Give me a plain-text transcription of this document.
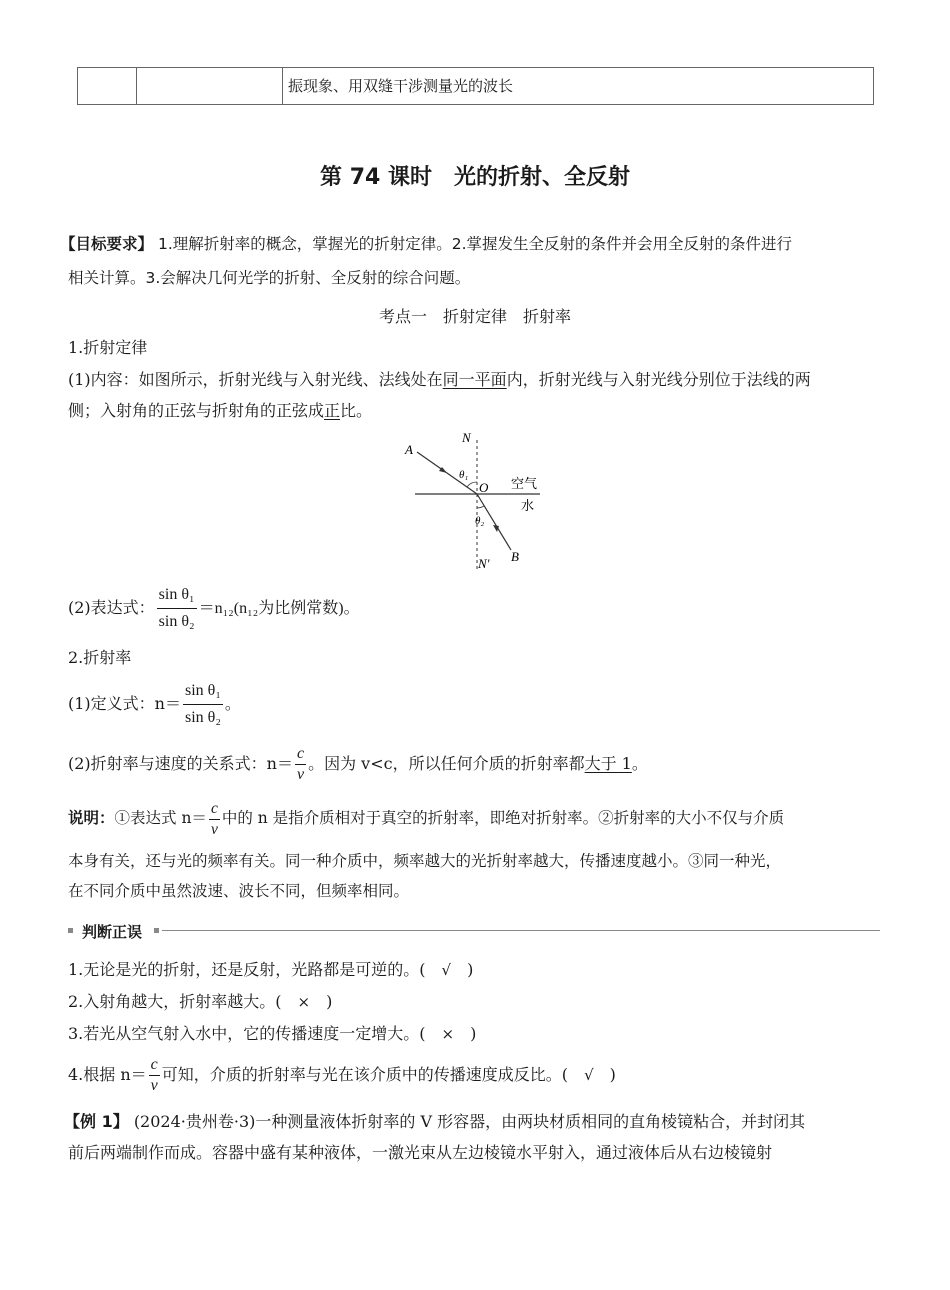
振现象、用双缝干涉测量光的波长
第 74 课时　光的折射、全反射
【目标要求】 1.理解折射率的概念，掌握光的折射定律。2.掌握发生全反射的条件并会用全反射的条件进行
相关计算。3.会解决几何光学的折射、全反射的综合问题。
考点一　折射定律　折射率
1.折射定律
(1)内容：如图所示，折射光线与入射光线、法线处在同一平面内，折射光线与入射光线分别位于法线的两
侧；入射角的正弦与折射角的正弦成正比。
A
N
θ₁
O 空气
水
θ₂
N′ B
(2)表达式： $\frac{\text{sin θ₁}}{\text{sin θ₂}} =n_{12}(n_{12}$为比例常数)。
2.折射率
(1)定义式：$n= \frac{\text{sin θ₁}}{\text{sin θ₂}}$ 。
(2)折射率与速度的关系式：$n= \frac{c}{v}$ 。因为 v<c，所以任何介质的折射率都大于 1。
说明：①表达式 $n= \frac{c}{v}$ 中的 n 是指介质相对于真空的折射率，即绝对折射率。②折射率的大小不仅与介质
本身有关，还与光的频率有关。同一种介质中，频率越大的光折射率越大，传播速度越小。③同一种光，
在不同介质中虽然波速、波长不同，但频率相同。
判断正误
1.无论是光的折射，还是反射，光路都是可逆的。(　 √　 )
2.入射角越大，折射率越大。(　 ×　 )
3.若光从空气射入水中，它的传播速度一定增大。(　 ×　 )
4.根据 $n= \frac{c}{v}$ 可知，介质的折射率与光在该介质中的传播速度成反比。(　 √　 )
【例 1】 (2024·贵州卷·3)一种测量液体折射率的 V 形容器，由两块材质相同的直角棱镜粘合，并封闭其
前后两端制作而成。容器中盛有某种液体，一激光束从左边棱镜水平射入，通过液体后从右边棱镜射
